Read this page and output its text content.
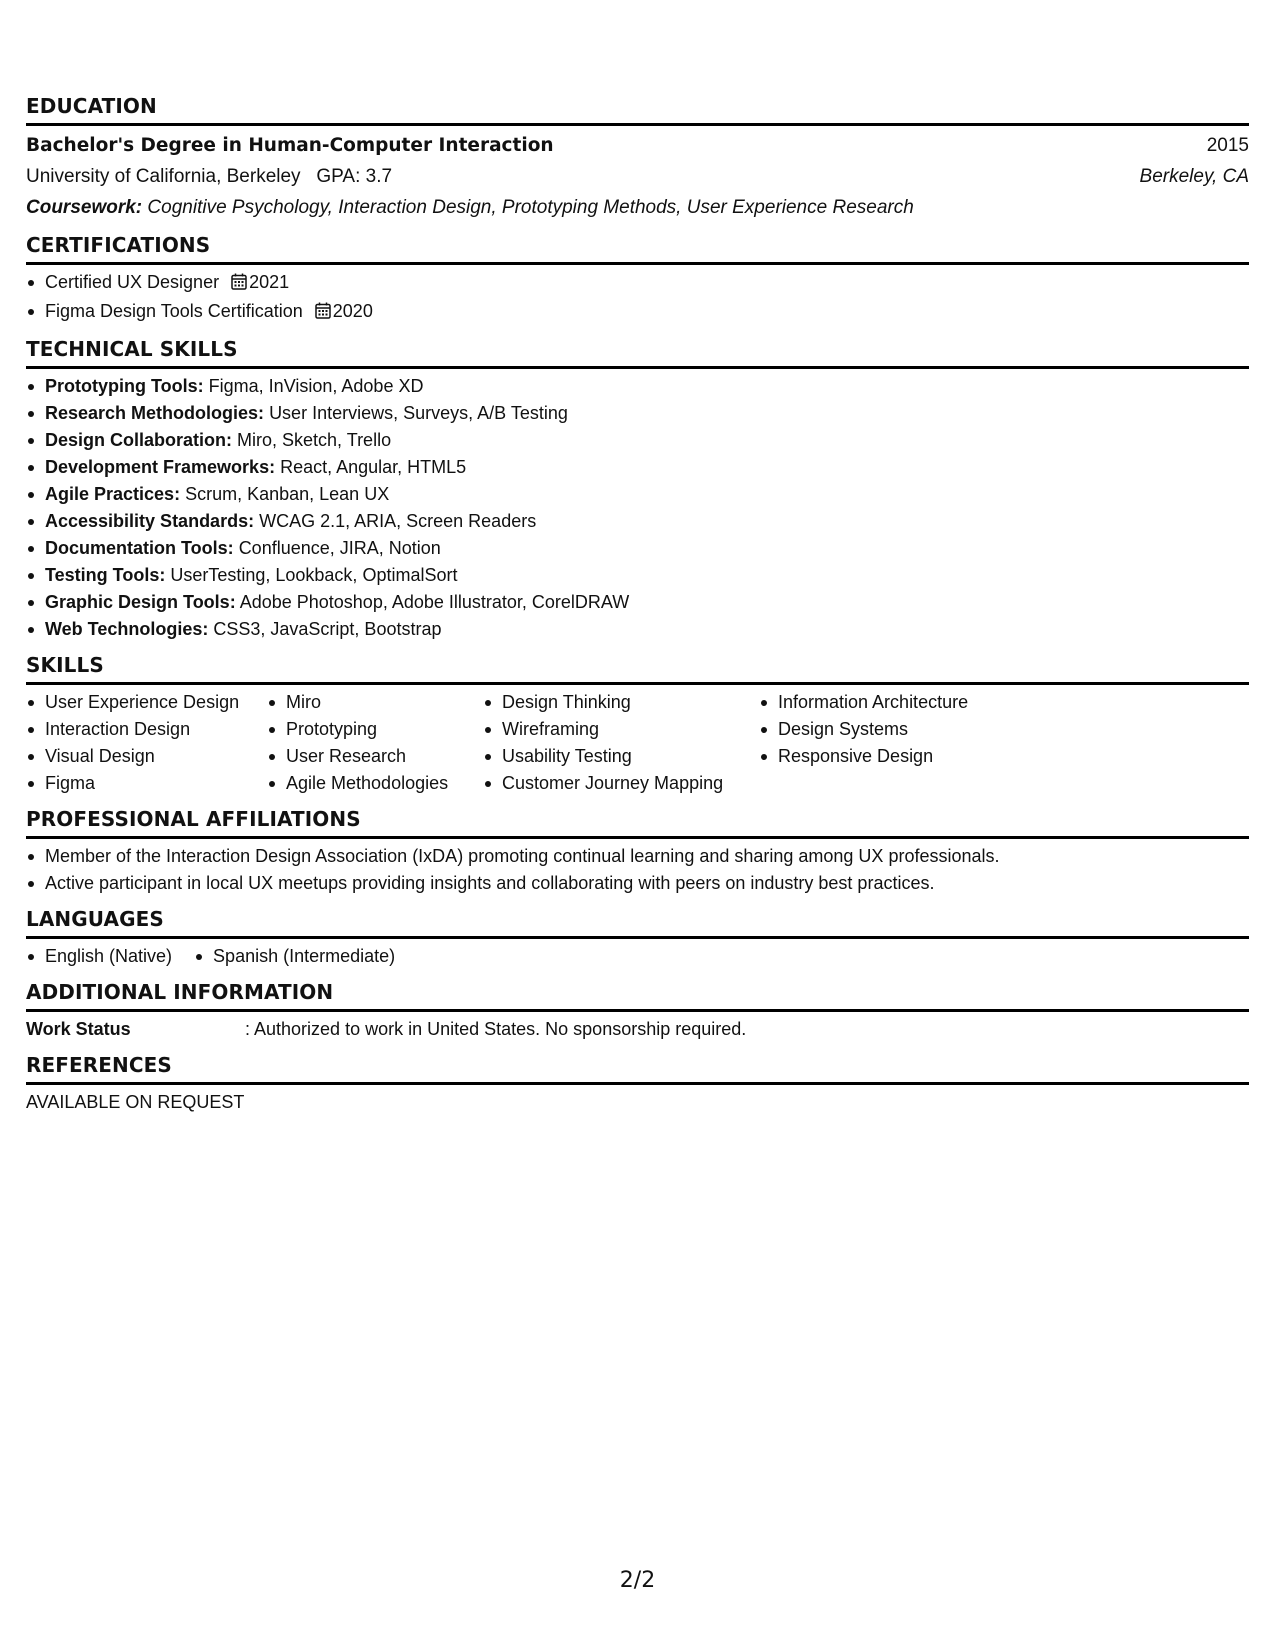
EDUCATION
Bachelor's Degree in Human-Computer Interaction	2015
University of California, Berkeley GPA: 3.7	Berkeley, CA
Coursework: Cognitive Psychology, Interaction Design, Prototyping Methods, User Experience Research
CERTIFICATIONS
Certified UX Designer 2021
Figma Design Tools Certification 2020
TECHNICAL SKILLS
Prototyping Tools: Figma, InVision, Adobe XD
Research Methodologies: User Interviews, Surveys, A/B Testing
Design Collaboration: Miro, Sketch, Trello
Development Frameworks: React, Angular, HTML5
Agile Practices: Scrum, Kanban, Lean UX
Accessibility Standards: WCAG 2.1, ARIA, Screen Readers
Documentation Tools: Confluence, JIRA, Notion
Testing Tools: UserTesting, Lookback, OptimalSort
Graphic Design Tools: Adobe Photoshop, Adobe Illustrator, CorelDRAW
Web Technologies: CSS3, JavaScript, Bootstrap
SKILLS
User Experience Design
Interaction Design
Visual Design
Figma
Miro
Prototyping
User Research
Agile Methodologies
Design Thinking
Wireframing
Usability Testing
Customer Journey Mapping
Information Architecture
Design Systems
Responsive Design
PROFESSIONAL AFFILIATIONS
Member of the Interaction Design Association (IxDA) promoting continual learning and sharing among UX professionals.
Active participant in local UX meetups providing insights and collaborating with peers on industry best practices.
LANGUAGES
English (Native)	Spanish (Intermediate)
ADDITIONAL INFORMATION
Work Status	: Authorized to work in United States. No sponsorship required.
REFERENCES
AVAILABLE ON REQUEST
2/2
